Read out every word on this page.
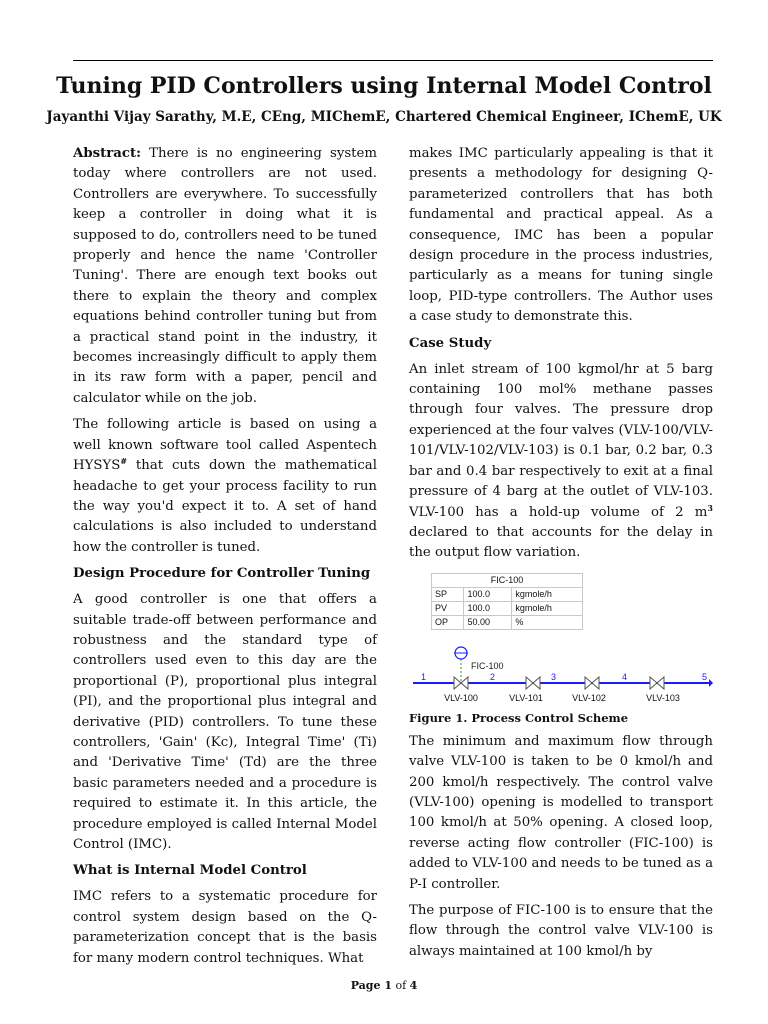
Tuning PID Controllers using Internal Model Control

Jayanthi Vijay Sarathy, M.E, CEng, MIChemE, Chartered Chemical Engineer, IChemE, UK

Abstract: There is no engineering system today where controllers are not used. Controllers are everywhere. To successfully keep a controller in doing what it is supposed to do, controllers need to be tuned properly and hence the name 'Controller Tuning'. There are enough text books out there to explain the theory and complex equations behind controller tuning but from a practical stand point in the industry, it becomes increasingly difficult to apply them in its raw form with a paper, pencil and calculator while on the job.

The following article is based on using a well known software tool called Aspentech HYSYS# that cuts down the mathematical headache to get your process facility to run the way you'd expect it to. A set of hand calculations is also included to understand how the controller is tuned.

Design Procedure for Controller Tuning

A good controller is one that offers a suitable trade-off between performance and robustness and the standard type of controllers used even to this day are the proportional (P), proportional plus integral (PI), and the proportional plus integral and derivative (PID) controllers. To tune these controllers, 'Gain' (Kc), Integral Time' (Ti) and 'Derivative Time' (Td) are the three basic parameters needed and a procedure is required to estimate it. In this article, the procedure employed is called Internal Model Control (IMC).

What is Internal Model Control

IMC refers to a systematic procedure for control system design based on the Q-parameterization concept that is the basis for many modern control techniques. What

makes IMC particularly appealing is that it presents a methodology for designing Q-parameterized controllers that has both fundamental and practical appeal. As a consequence, IMC has been a popular design procedure in the process industries, particularly as a means for tuning single loop, PID-type controllers. The Author uses a case study to demonstrate this.

Case Study

An inlet stream of 100 kgmol/hr at 5 barg containing 100 mol% methane passes through four valves. The pressure drop experienced at the four valves (VLV-100/VLV-101/VLV-102/VLV-103) is 0.1 bar, 0.2 bar, 0.3 bar and 0.4 bar respectively to exit at a final pressure of 4 barg at the outlet of VLV-103. VLV-100 has a hold-up volume of 2 $m^3$ declared to that accounts for the delay in the output flow variation.

FIC-100
1	2	3	4	5
VLV-100	VLV-101	VLV-102	VLV-103
FIC-100		
SP	100.0	kgmole/h
PV	100.0	kgmole/h
OP	50.00	%

Figure 1. Process Control Scheme

The minimum and maximum flow through valve VLV-100 is taken to be 0 kmol/h and 200 kmol/h respectively. The control valve (VLV-100) opening is modelled to transport 100 kmol/h at 50% opening. A closed loop, reverse acting flow controller (FIC-100) is added to VLV-100 and needs to be tuned as a P-I controller.

The purpose of FIC-100 is to ensure that the flow through the control valve VLV-100 is always maintained at 100 kmol/h by

Page 1 of 4
